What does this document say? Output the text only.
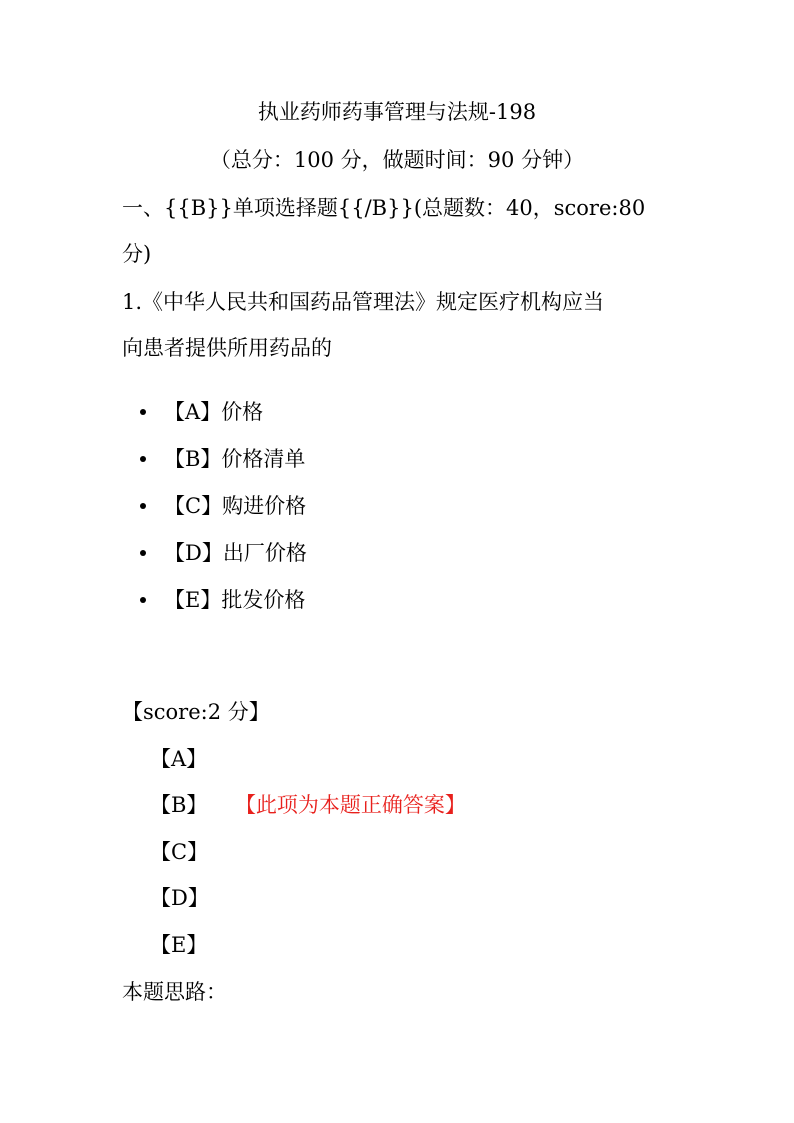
执业药师药事管理与法规-198
（总分：100 分，做题时间：90 分钟）
一、{{B}}单项选择题{{/B}}(总题数：40，score:80
分)
1.《中华人民共和国药品管理法》规定医疗机构应当
向患者提供所用药品的
【A】价格
【B】价格清单
【C】购进价格
【D】出厂价格
【E】批发价格
【score:2 分】
【A】
【B】 【此项为本题正确答案】
【C】
【D】
【E】
本题思路：
